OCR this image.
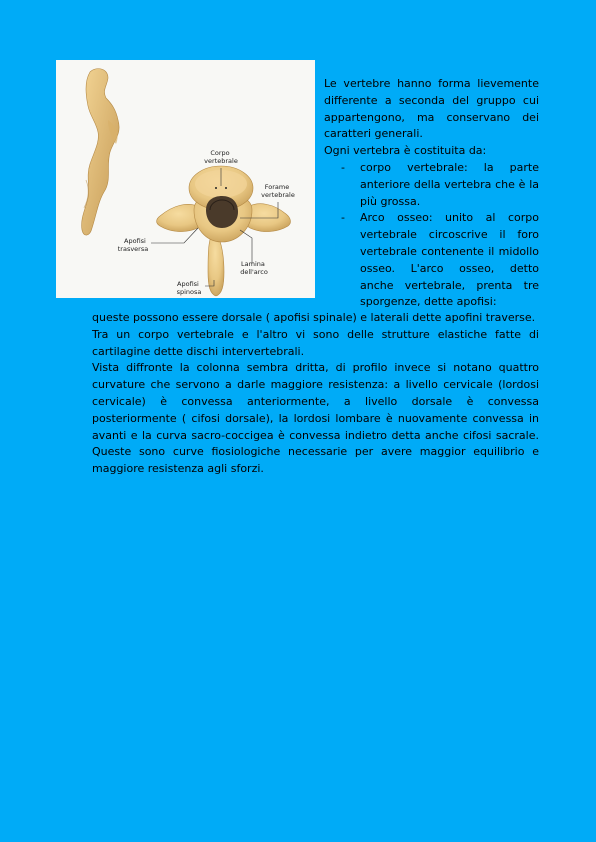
Corpo vertebrale
Forame vertebrale
Apofisi trasversa
Lamina dell'arco
Apofisi spinosa

Le vertebre hanno forma lievemente differente a seconda del gruppo cui appartengono, ma conservano dei caratteri generali.

Ogni vertebra è costituita da:

- corpo vertebrale: la parte anteriore della vertebra che è la più grossa.
- Arco osseo: unito al corpo vertebrale circoscrive il foro vertebrale contenente il midollo osseo. L'arco osseo, detto anche vertebrale, prenta tre sporgenze, dette apofisi:

queste possono essere dorsale ( apofisi spinale) e laterali dette apofini traverse.

Tra un corpo vertebrale e l'altro vi sono delle strutture elastiche fatte di cartilagine dette dischi intervertebrali.

Vista diffronte la colonna sembra dritta, di profilo invece si notano quattro curvature che servono a darle maggiore resistenza: a livello cervicale (lordosi cervicale) è convessa anteriormente, a livello dorsale è convessa posteriormente ( cifosi dorsale), la lordosi lombare è nuovamente convessa in avanti e la curva sacro-coccigea è convessa indietro detta anche cifosi sacrale. Queste sono curve fiosiologiche necessarie per avere maggior equilibrio e maggiore resistenza agli sforzi.
